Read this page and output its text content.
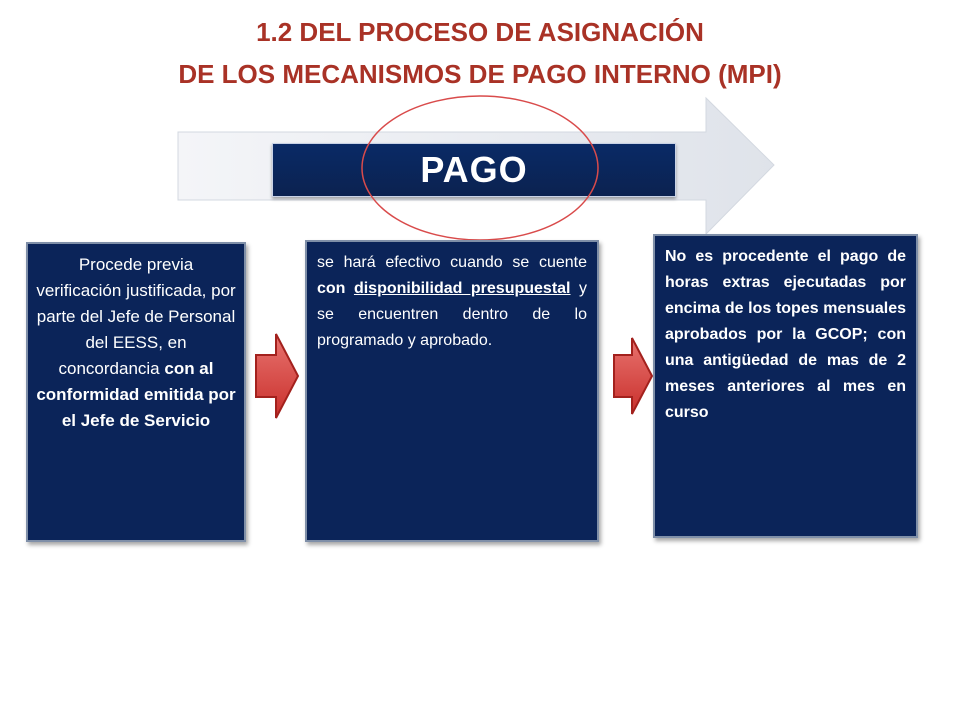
1.2 DEL PROCESO DE ASIGNACIÓN
DE LOS MECANISMOS DE PAGO INTERNO (MPI)
PAGO
Procede previa verificación justificada, por parte del Jefe de Personal del EESS, en concordancia con al conformidad emitida por el Jefe de Servicio
se hará efectivo cuando se cuente con disponibilidad presupuestal y se encuentren dentro de lo programado y aprobado.
No es procedente el pago de horas extras ejecutadas por encima de los topes mensuales aprobados por la GCOP; con una antigüedad de mas de 2 meses anteriores al mes en curso
